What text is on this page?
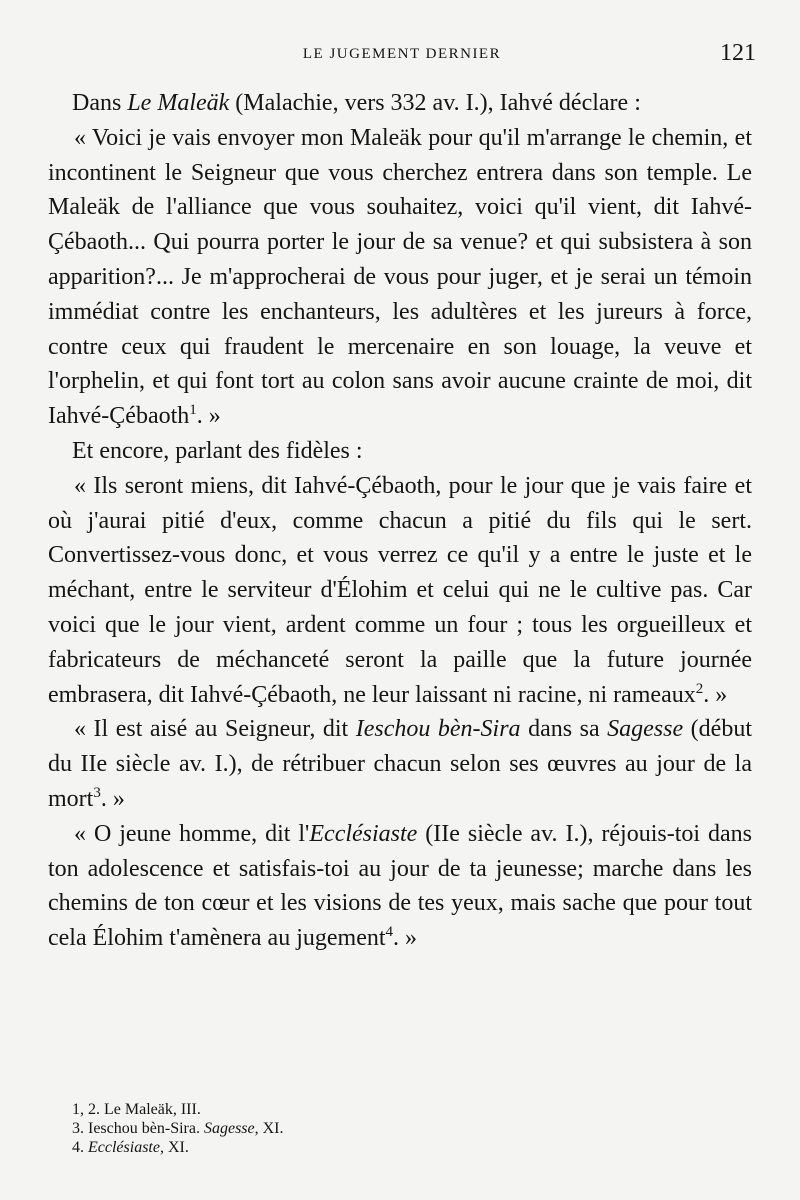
LE JUGEMENT DERNIER	121

Dans Le Maleäk (Malachie, vers 332 av. I.), Iahvé déclare :

« Voici je vais envoyer mon Maleäk pour qu'il m'arrange le chemin, et incontinent le Seigneur que vous cherchez entrera dans son temple. Le Maleäk de l'alliance que vous souhaitez, voici qu'il vient, dit Iahvé-Çébaoth... Qui pourra porter le jour de sa venue? et qui subsistera à son apparition?... Je m'approcherai de vous pour juger, et je serai un témoin immédiat contre les enchanteurs, les adultères et les jureurs à force, contre ceux qui fraudent le mercenaire en son louage, la veuve et l'orphelin, et qui font tort au colon sans avoir aucune crainte de moi, dit Iahvé-Çébaoth$^1$. »

Et encore, parlant des fidèles :

« Ils seront miens, dit Iahvé-Çébaoth, pour le jour que je vais faire et où j'aurai pitié d'eux, comme chacun a pitié du fils qui le sert. Convertissez-vous donc, et vous verrez ce qu'il y a entre le juste et le méchant, entre le serviteur d'Élohim et celui qui ne le cultive pas. Car voici que le jour vient, ardent comme un four ; tous les orgueilleux et fabricateurs de méchanceté seront la paille que la future journée embrasera, dit Iahvé-Çébaoth, ne leur laissant ni racine, ni rameaux$^2$. »

« Il est aisé au Seigneur, dit Ieschou bèn-Sira dans sa Sagesse (début du IIe siècle av. I.), de rétribuer chacun selon ses œuvres au jour de la mort$^3$. »

« O jeune homme, dit l'Ecclésiaste (IIe siècle av. I.), réjouis-toi dans ton adolescence et satisfais-toi au jour de ta jeunesse; marche dans les chemins de ton cœur et les visions de tes yeux, mais sache que pour tout cela Élohim t'amènera au jugement$^4$. »

1, 2. Le Maleäk, III.
3. Ieschou bèn-Sira. Sagesse, XI.
4. Ecclésiaste, XI.
